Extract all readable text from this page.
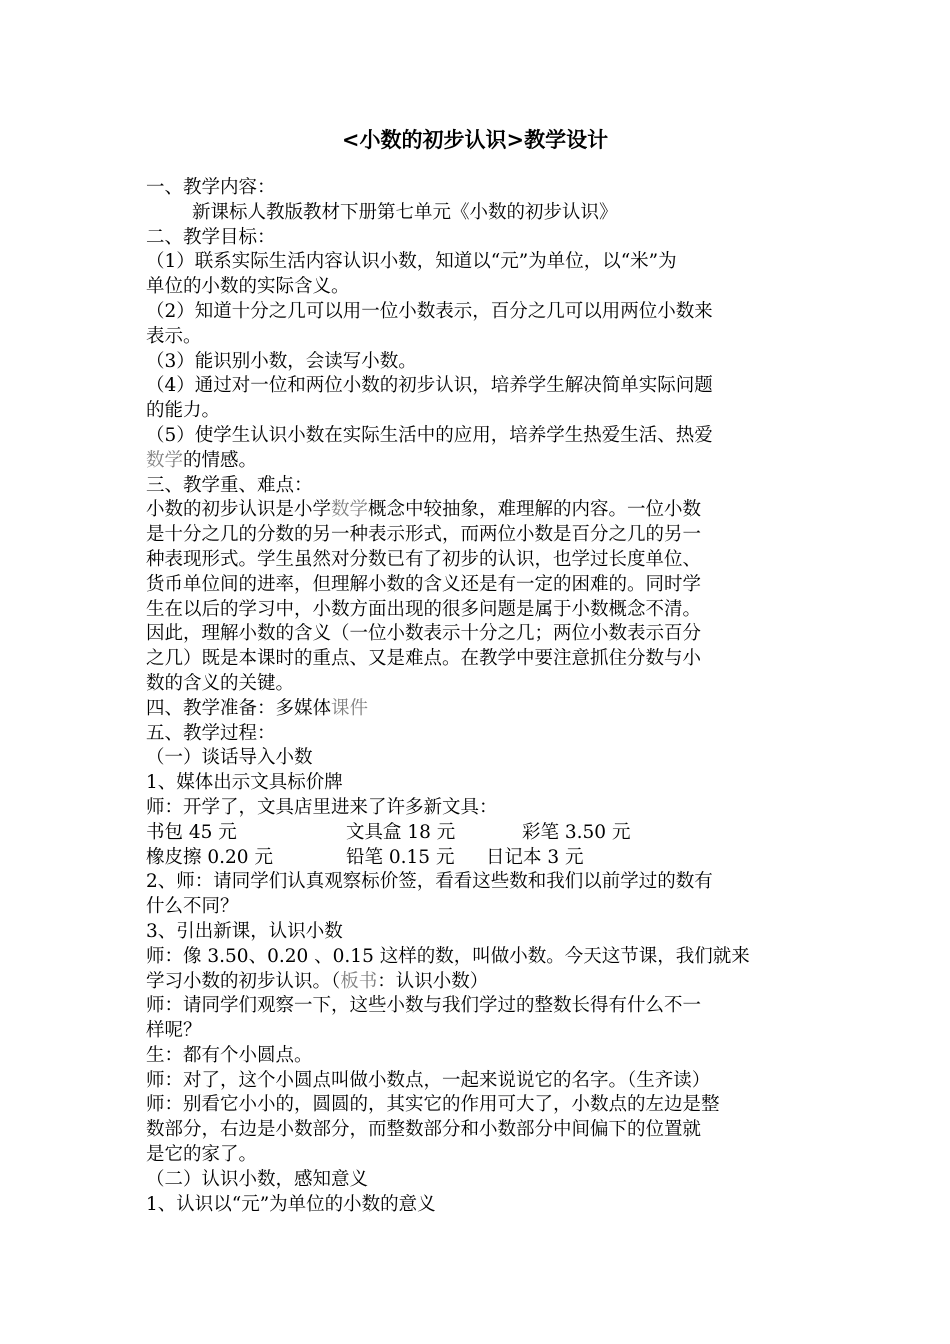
<小数的初步认识>教学设计

一、教学内容：

新课标人教版教材下册第七单元《小数的初步认识》

二、教学目标：

（1）联系实际生活内容认识小数，知道以“元”为单位，以“米”为

单位的小数的实际含义。

（2）知道十分之几可以用一位小数表示，百分之几可以用两位小数来

表示。

（3）能识别小数，会读写小数。

（4）通过对一位和两位小数的初步认识，培养学生解决简单实际问题

的能力。

（5）使学生认识小数在实际生活中的应用，培养学生热爱生活、热爱

数学的情感。

三、教学重、难点：

小数的初步认识是小学数学概念中较抽象，难理解的内容。一位小数

是十分之几的分数的另一种表示形式，而两位小数是百分之几的另一

种表现形式。学生虽然对分数已有了初步的认识，也学过长度单位、

货币单位间的进率，但理解小数的含义还是有一定的困难的。同时学

生在以后的学习中，小数方面出现的很多问题是属于小数概念不清。

因此，理解小数的含义（一位小数表示十分之几；两位小数表示百分

之几）既是本课时的重点、又是难点。在教学中要注意抓住分数与小

数的含义的关键。

四、教学准备：多媒体课件

五、教学过程：

（一）谈话导入小数

1、媒体出示文具标价牌

师：开学了，文具店里进来了许多新文具：

书包 45 元	文具盒 18 元	彩笔 3.50 元
橡皮擦 0.20 元	铅笔 0.15 元	日记本 3 元

2、师：请同学们认真观察标价签，看看这些数和我们以前学过的数有

什么不同？

3、引出新课，认识小数

师：像 3.50、0.20 、0.15 这样的数，叫做小数。今天这节课，我们就来

学习小数的初步认识。（板书：认识小数）

师：请同学们观察一下，这些小数与我们学过的整数长得有什么不一

样呢？

生：都有个小圆点。

师：对了，这个小圆点叫做小数点，一起来说说它的名字。（生齐读）

师：别看它小小的，圆圆的，其实它的作用可大了，小数点的左边是整

数部分，右边是小数部分，而整数部分和小数部分中间偏下的位置就

是它的家了。

（二）认识小数，感知意义

1、认识以“元”为单位的小数的意义
